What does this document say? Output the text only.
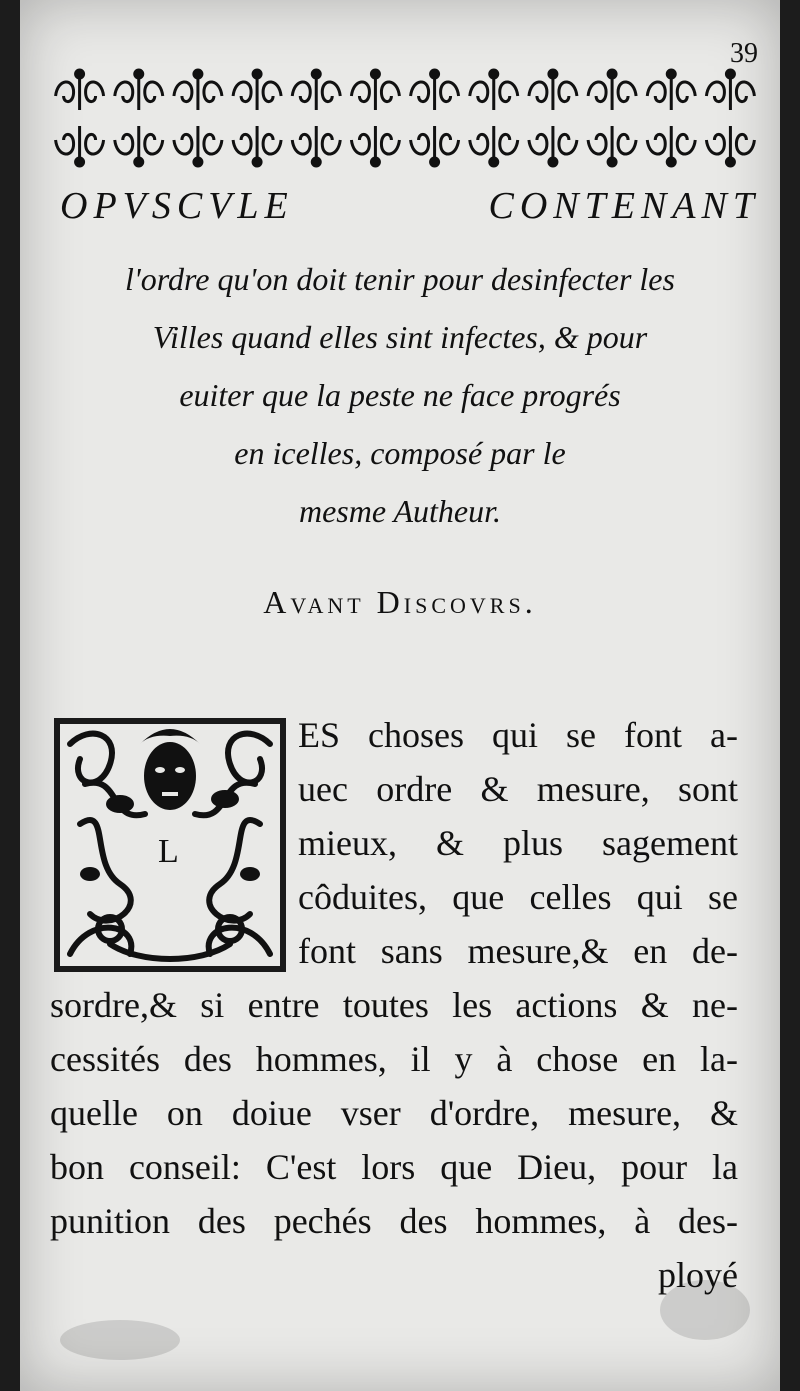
39
OPVSCVLE CONTENANT
l'ordre qu'on doit tenir pour desinfecter les
Villes quand elles sint infectes, & pour
euiter que la peste ne face progrés
en icelles, composé par le
mesme Autheur.
Avant Discovrs.
L
ES choses qui se font a-
uec ordre & mesure, sont
mieux, & plus sagement
côduites, que celles qui se
font sans mesure,& en de-
sordre,& si entre toutes les actions & ne-
cessités des hommes, il y à chose en la-
quelle on doiue vser d'ordre, mesure, &
bon conseil: C'est lors que Dieu, pour la
punition des pechés des hommes, à des-
ployé
